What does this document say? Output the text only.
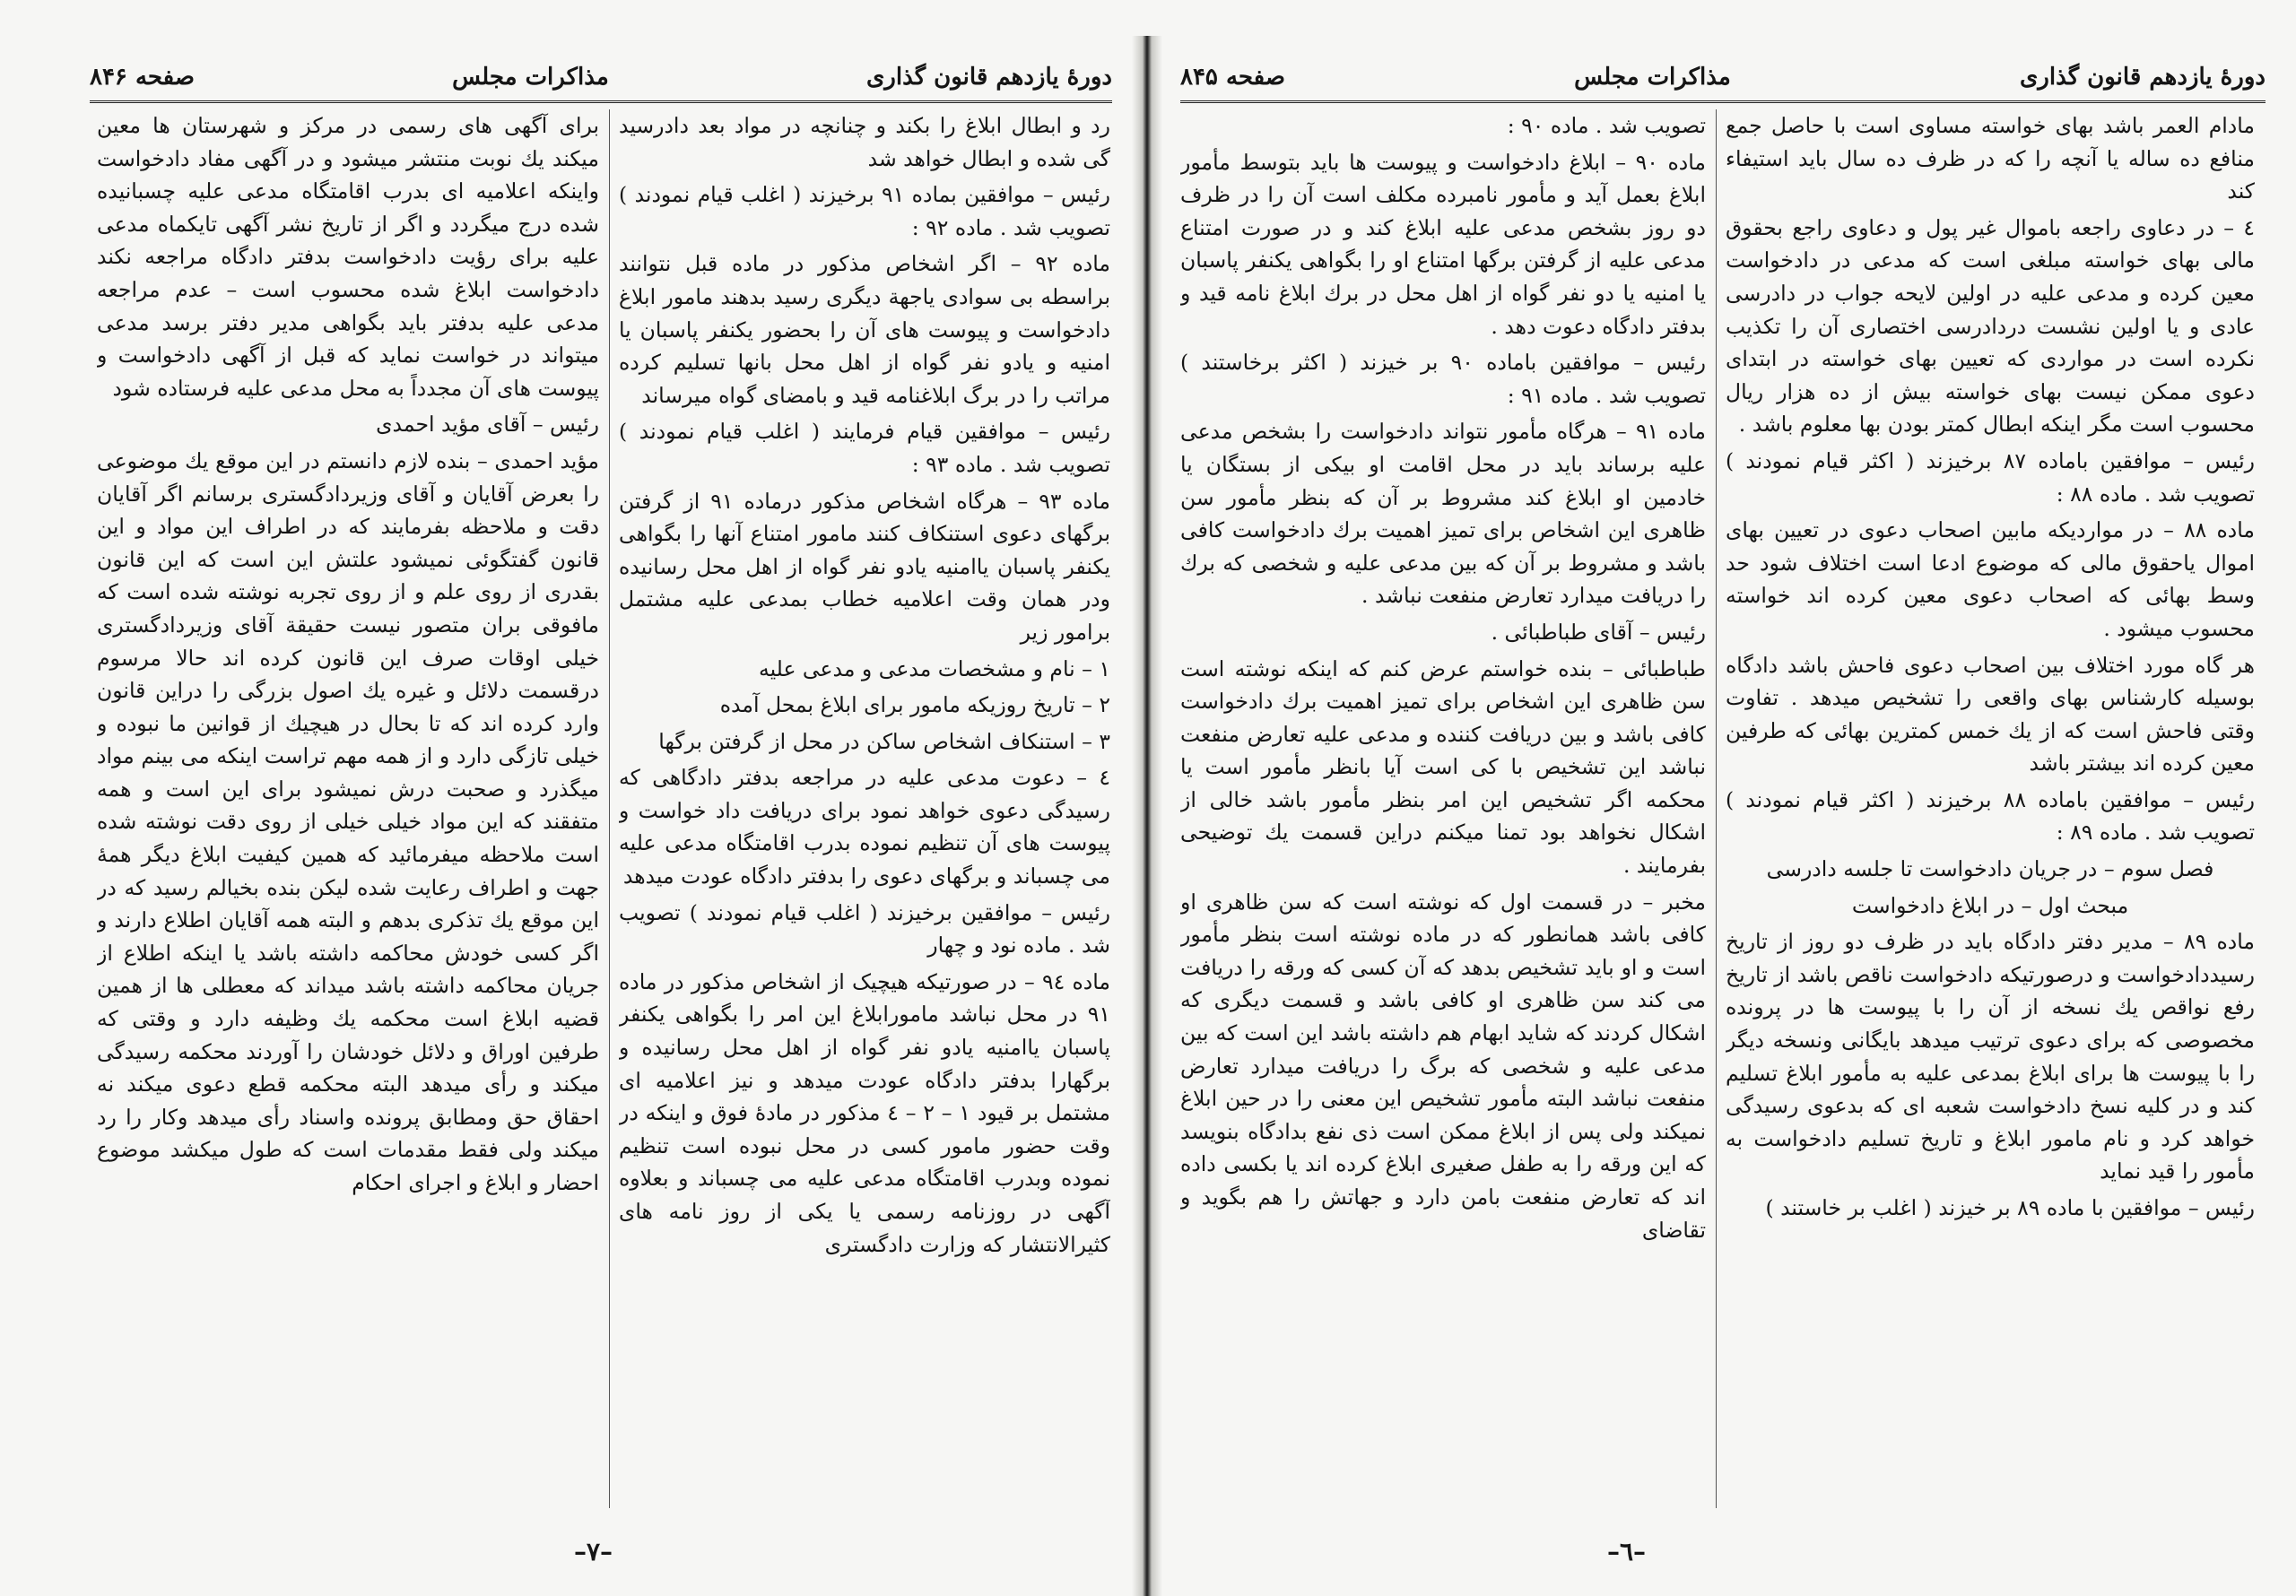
دورۀ یازدهم قانون گذاری
مذاکرات مجلس
صفحه ۸۴۶

رد و ابطال ابلاغ را بکند و چنانچه در مواد بعد دادرسید گی شده و ابطال خواهد شد

رئیس – موافقین بماده ۹۱ برخیزند ( اغلب قیام نمودند ) تصویب شد . ماده ۹۲ :

ماده ۹۲ – اگر اشخاص مذکور در ماده قبل نتوانند براسطه بی سوادی یاجهة دیگری رسید بدهند مامور ابلاغ دادخواست و پیوست های آن را بحضور یکنفر پاسبان یا امنیه و یادو نفر گواه از اهل محل بانها تسلیم کرده مراتب را در برگ ابلاغنامه قید و بامضای گواه میرساند

رئیس – موافقین قیام فرمایند ( اغلب قیام نمودند ) تصویب شد . ماده ۹۳ :

ماده ۹۳ – هرگاه اشخاص مذکور درماده ۹۱ از گرفتن برگهای دعوی استنکاف کنند مامور امتناع آنها را بگواهی یکنفر پاسبان یاامنیه یادو نفر گواه از اهل محل رسانیده ودر همان وقت اعلامیه خطاب بمدعی علیه مشتمل برامور زیر

۱ – نام و مشخصات مدعی و مدعی علیه

۲ – تاریخ روزیکه مامور برای ابلاغ بمحل آمده

۳ – استنکاف اشخاص ساکن در محل از گرفتن برگها

٤ – دعوت مدعی علیه در مراجعه بدفتر دادگاهی که رسیدگی دعوی خواهد نمود برای دریافت داد خواست و پیوست های آن تنظیم نموده بدرب اقامتگاه مدعی علیه می چسباند و برگهای دعوی را بدفتر دادگاه عودت میدهد

رئیس – موافقین برخیزند ( اغلب قیام نمودند ) تصویب شد . ماده نود و چهار

ماده ۹٤ – در صورتیکه هیچیک از اشخاص مذکور در ماده ۹۱ در محل نباشد مامورابلاغ این امر را بگواهی یکنفر پاسبان یاامنیه یادو نفر گواه از اهل محل رسانیده و برگهارا بدفتر دادگاه عودت میدهد و نیز اعلامیه ای مشتمل بر قیود ۱ – ۲ – ٤ مذکور در مادۀ فوق و اینکه در وقت حضور مامور کسی در محل نبوده است تنظیم نموده وبدرب اقامتگاه مدعی علیه می چسباند و بعلاوه آگهی در روزنامه رسمی یا یکی از روز نامه های کثیرالانتشار که وزارت دادگستری

برای آگهی های رسمی در مرکز و شهرستان ها معین میکند یك نوبت منتشر میشود و در آگهی مفاد دادخواست واینکه اعلامیه ای بدرب اقامتگاه مدعی علیه چسبانیده شده درج میگردد و اگر از تاریخ نشر آگهی تایکماه مدعی علیه برای رؤیت دادخواست بدفتر دادگاه مراجعه نکند دادخواست ابلاغ شده محسوب است – عدم مراجعه مدعی علیه بدفتر باید بگواهی مدیر دفتر برسد مدعی میتواند در خواست نماید که قبل از آگهی دادخواست و پیوست های آن مجدداً به محل مدعی علیه فرستاده شود

رئیس – آقای مؤید احمدی

مؤید احمدی – بنده لازم دانستم در این موقع یك موضوعی را بعرض آقایان و آقای وزیردادگستری برسانم اگر آقایان دقت و ملاحظه بفرمایند که در اطراف این مواد و این قانون گفتگوئی نمیشود علتش این است که این قانون بقدری از روی علم و از روی تجربه نوشته شده است که مافوقی بران متصور نیست حقیقة آقای وزیردادگستری خیلی اوقات صرف این قانون کرده اند حالا مرسوم درقسمت دلائل و غیره یك اصول بزرگی را دراین قانون وارد کرده اند که تا بحال در هیچیك از قوانین ما نبوده و خیلی تازگی دارد و از همه مهم تراست اینکه می بینم مواد میگذرد و صحبت درش نمیشود برای این است و همه متفقند که این مواد خیلی خیلی از روی دقت نوشته شده است ملاحظه میفرمائید که همین کیفیت ابلاغ دیگر همهٔ جهت و اطراف رعایت شده لیکن بنده بخیالم رسید که در این موقع یك تذکری بدهم و البته همه آقایان اطلاع دارند و اگر کسی خودش محاکمه داشته باشد یا اینکه اطلاع از جریان محاکمه داشته باشد میداند که معطلی ها از همین قضیه ابلاغ است محکمه یك وظیفه دارد و وقتی که طرفین اوراق و دلائل خودشان را آوردند محکمه رسیدگی میکند و رأی میدهد البته محکمه قطع دعوی میکند نه احقاق حق ومطابق پرونده واسناد رأی میدهد وکار را رد میکند ولی فقط مقدمات است که طول میکشد موضوع احضار و ابلاغ و اجرای احکام

–۷–
دورهٔ یازدهم قانون گذاری
مذاکرات مجلس
صفحه ۸۴۵

مادام العمر باشد بهای خواسته مساوی است با حاصل جمع منافع ده ساله یا آنچه را که در ظرف ده سال باید استیفاء کند

٤ – در دعاوی راجعه باموال غیر پول و دعاوی راجع بحقوق مالی بهای خواسته مبلغی است که مدعی در دادخواست معین کرده و مدعی علیه در اولین لایحه جواب در دادرسی عادی و یا اولین نشست دردادرسی اختصاری آن را تکذیب نکرده است در مواردی که تعیین بهای خواسته در ابتدای دعوی ممکن نیست بهای خواسته بیش از ده هزار ریال محسوب است مگر اینکه ابطال کمتر بودن بها معلوم باشد .

رئیس – موافقین باماده ۸۷ برخیزند ( اکثر قیام نمودند ) تصویب شد . ماده ۸۸ :

ماده ۸۸ – در مواردیکه مابین اصحاب دعوی در تعیین بهای اموال یاحقوق مالی که موضوع ادعا است اختلاف شود حد وسط بهائی که اصحاب دعوی معین کرده اند خواسته محسوب میشود .

هر گاه مورد اختلاف بین اصحاب دعوی فاحش باشد دادگاه بوسیله کارشناس بهای واقعی را تشخیص میدهد . تفاوت وقتی فاحش است که از یك خمس کمترین بهائی که طرفین معین کرده اند بیشتر باشد

رئیس – موافقین باماده ۸۸ برخیزند ( اکثر قیام نمودند ) تصویب شد . ماده ۸۹ :

فصل سوم – در جریان دادخواست تا جلسه دادرسی

مبحث اول – در ابلاغ دادخواست

ماده ۸۹ – مدیر دفتر دادگاه باید در ظرف دو روز از تاریخ رسیددادخواست و درصورتیکه دادخواست ناقص باشد از تاریخ رفع نواقص یك نسخه از آن را با پیوست ها در پرونده مخصوصی که برای دعوی ترتیب میدهد بایگانی ونسخه دیگر را با پیوست ها برای ابلاغ بمدعی علیه به مأمور ابلاغ تسلیم کند و در کلیه نسخ دادخواست شعبه ای که بدعوی رسیدگی خواهد کرد و نام مامور ابلاغ و تاریخ تسلیم دادخواست به مأمور را قید نماید

رئیس – موافقین با ماده ۸۹ بر خیزند ( اغلب بر خاستند )

تصویب شد . ماده ۹۰ :

ماده ۹۰ – ابلاغ دادخواست و پیوست ها باید بتوسط مأمور ابلاغ بعمل آید و مأمور نامبرده مکلف است آن را در ظرف دو روز بشخص مدعی علیه ابلاغ کند و در صورت امتناع مدعی علیه از گرفتن برگها امتناع او را بگواهی یکنفر پاسبان یا امنیه یا دو نفر گواه از اهل محل در برك ابلاغ نامه قید و بدفتر دادگاه دعوت دهد .

رئیس – موافقین باماده ۹۰ بر خیزند ( اکثر برخاستند ) تصویب شد . ماده ۹۱ :

ماده ۹۱ – هرگاه مأمور نتواند دادخواست را بشخص مدعی علیه برساند باید در محل اقامت او بیکی از بستگان یا خادمین او ابلاغ کند مشروط بر آن که بنظر مأمور سن ظاهری این اشخاص برای تمیز اهمیت برك دادخواست کافی باشد و مشروط بر آن که بین مدعی علیه و شخصی که برك را دریافت میدارد تعارض منفعت نباشد .

رئیس – آقای طباطبائی .

طباطبائی – بنده خواستم عرض کنم که اینکه نوشته است سن ظاهری این اشخاص برای تمیز اهمیت برك دادخواست کافی باشد و بین دریافت کننده و مدعی علیه تعارض منفعت نباشد این تشخیص با کی است آیا بانظر مأمور است یا محکمه اگر تشخیص این امر بنظر مأمور باشد خالی از اشکال نخواهد بود تمنا میکنم دراین قسمت یك توضیحی بفرمایند .

مخبر – در قسمت اول که نوشته است که سن ظاهری او کافی باشد همانطور که در ماده نوشته است بنظر مأمور است و او باید تشخیص بدهد که آن کسی که ورقه را دریافت می کند سن ظاهری او کافی باشد و قسمت دیگری که اشکال کردند که شاید ابهام هم داشته باشد این است که بین مدعی علیه و شخصی که برگ را دریافت میدارد تعارض منفعت نباشد البته مأمور تشخیص این معنی را در حین ابلاغ نمیکند ولی پس از ابلاغ ممکن است ذی نفع بدادگاه بنویسد که این ورقه را به طفل صغیری ابلاغ کرده اند یا بکسی داده اند که تعارض منفعت بامن دارد و جهاتش را هم بگوید و تقاضای

–٦–
